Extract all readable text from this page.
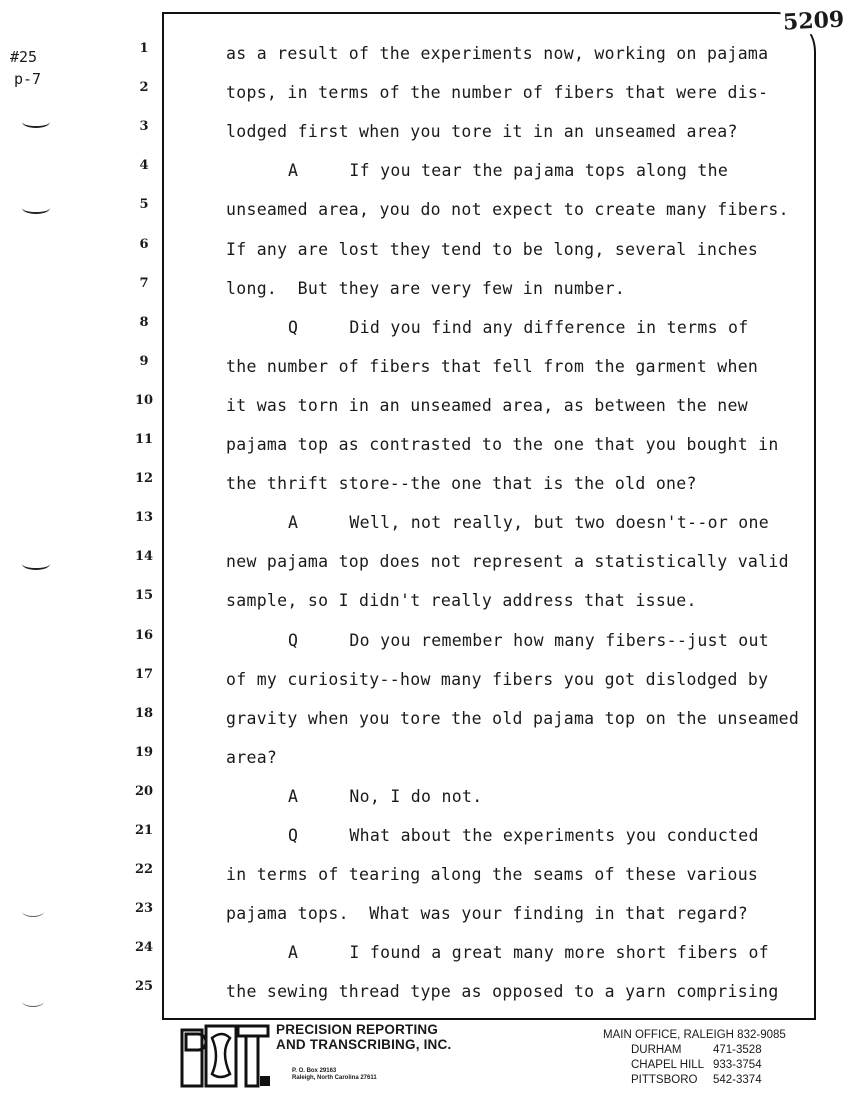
#25
p-7
5209
1	as a result of the experiments now, working on pajama
2	tops, in terms of the number of fibers that were dis-
3	lodged first when you tore it in an unseamed area?
4	A     If you tear the pajama tops along the
5	unseamed area, you do not expect to create many fibers.
6	If any are lost they tend to be long, several inches
7	long.  But they are very few in number.
8	Q     Did you find any difference in terms of
9	the number of fibers that fell from the garment when
10	it was torn in an unseamed area, as between the new
11	pajama top as contrasted to the one that you bought in
12	the thrift store--the one that is the old one?
13	A     Well, not really, but two doesn't--or one
14	new pajama top does not represent a statistically valid
15	sample, so I didn't really address that issue.
16	Q     Do you remember how many fibers--just out
17	of my curiosity--how many fibers you got dislodged by
18	gravity when you tore the old pajama top on the unseamed
19	area?
20	A     No, I do not.
21	Q     What about the experiments you conducted
22	in terms of tearing along the seams of these various
23	pajama tops.  What was your finding in that regard?
24	A     I found a great many more short fibers of
25	the sewing thread type as opposed to a yarn comprising
PRECISION REPORTING
AND TRANSCRIBING, INC.
P. O. Box 29163
Raleigh, North Carolina 27611
MAIN OFFICE, RALEIGH 832-9085
DURHAM	471-3528
CHAPEL HILL 933-3754
PITTSBORO	542-3374
